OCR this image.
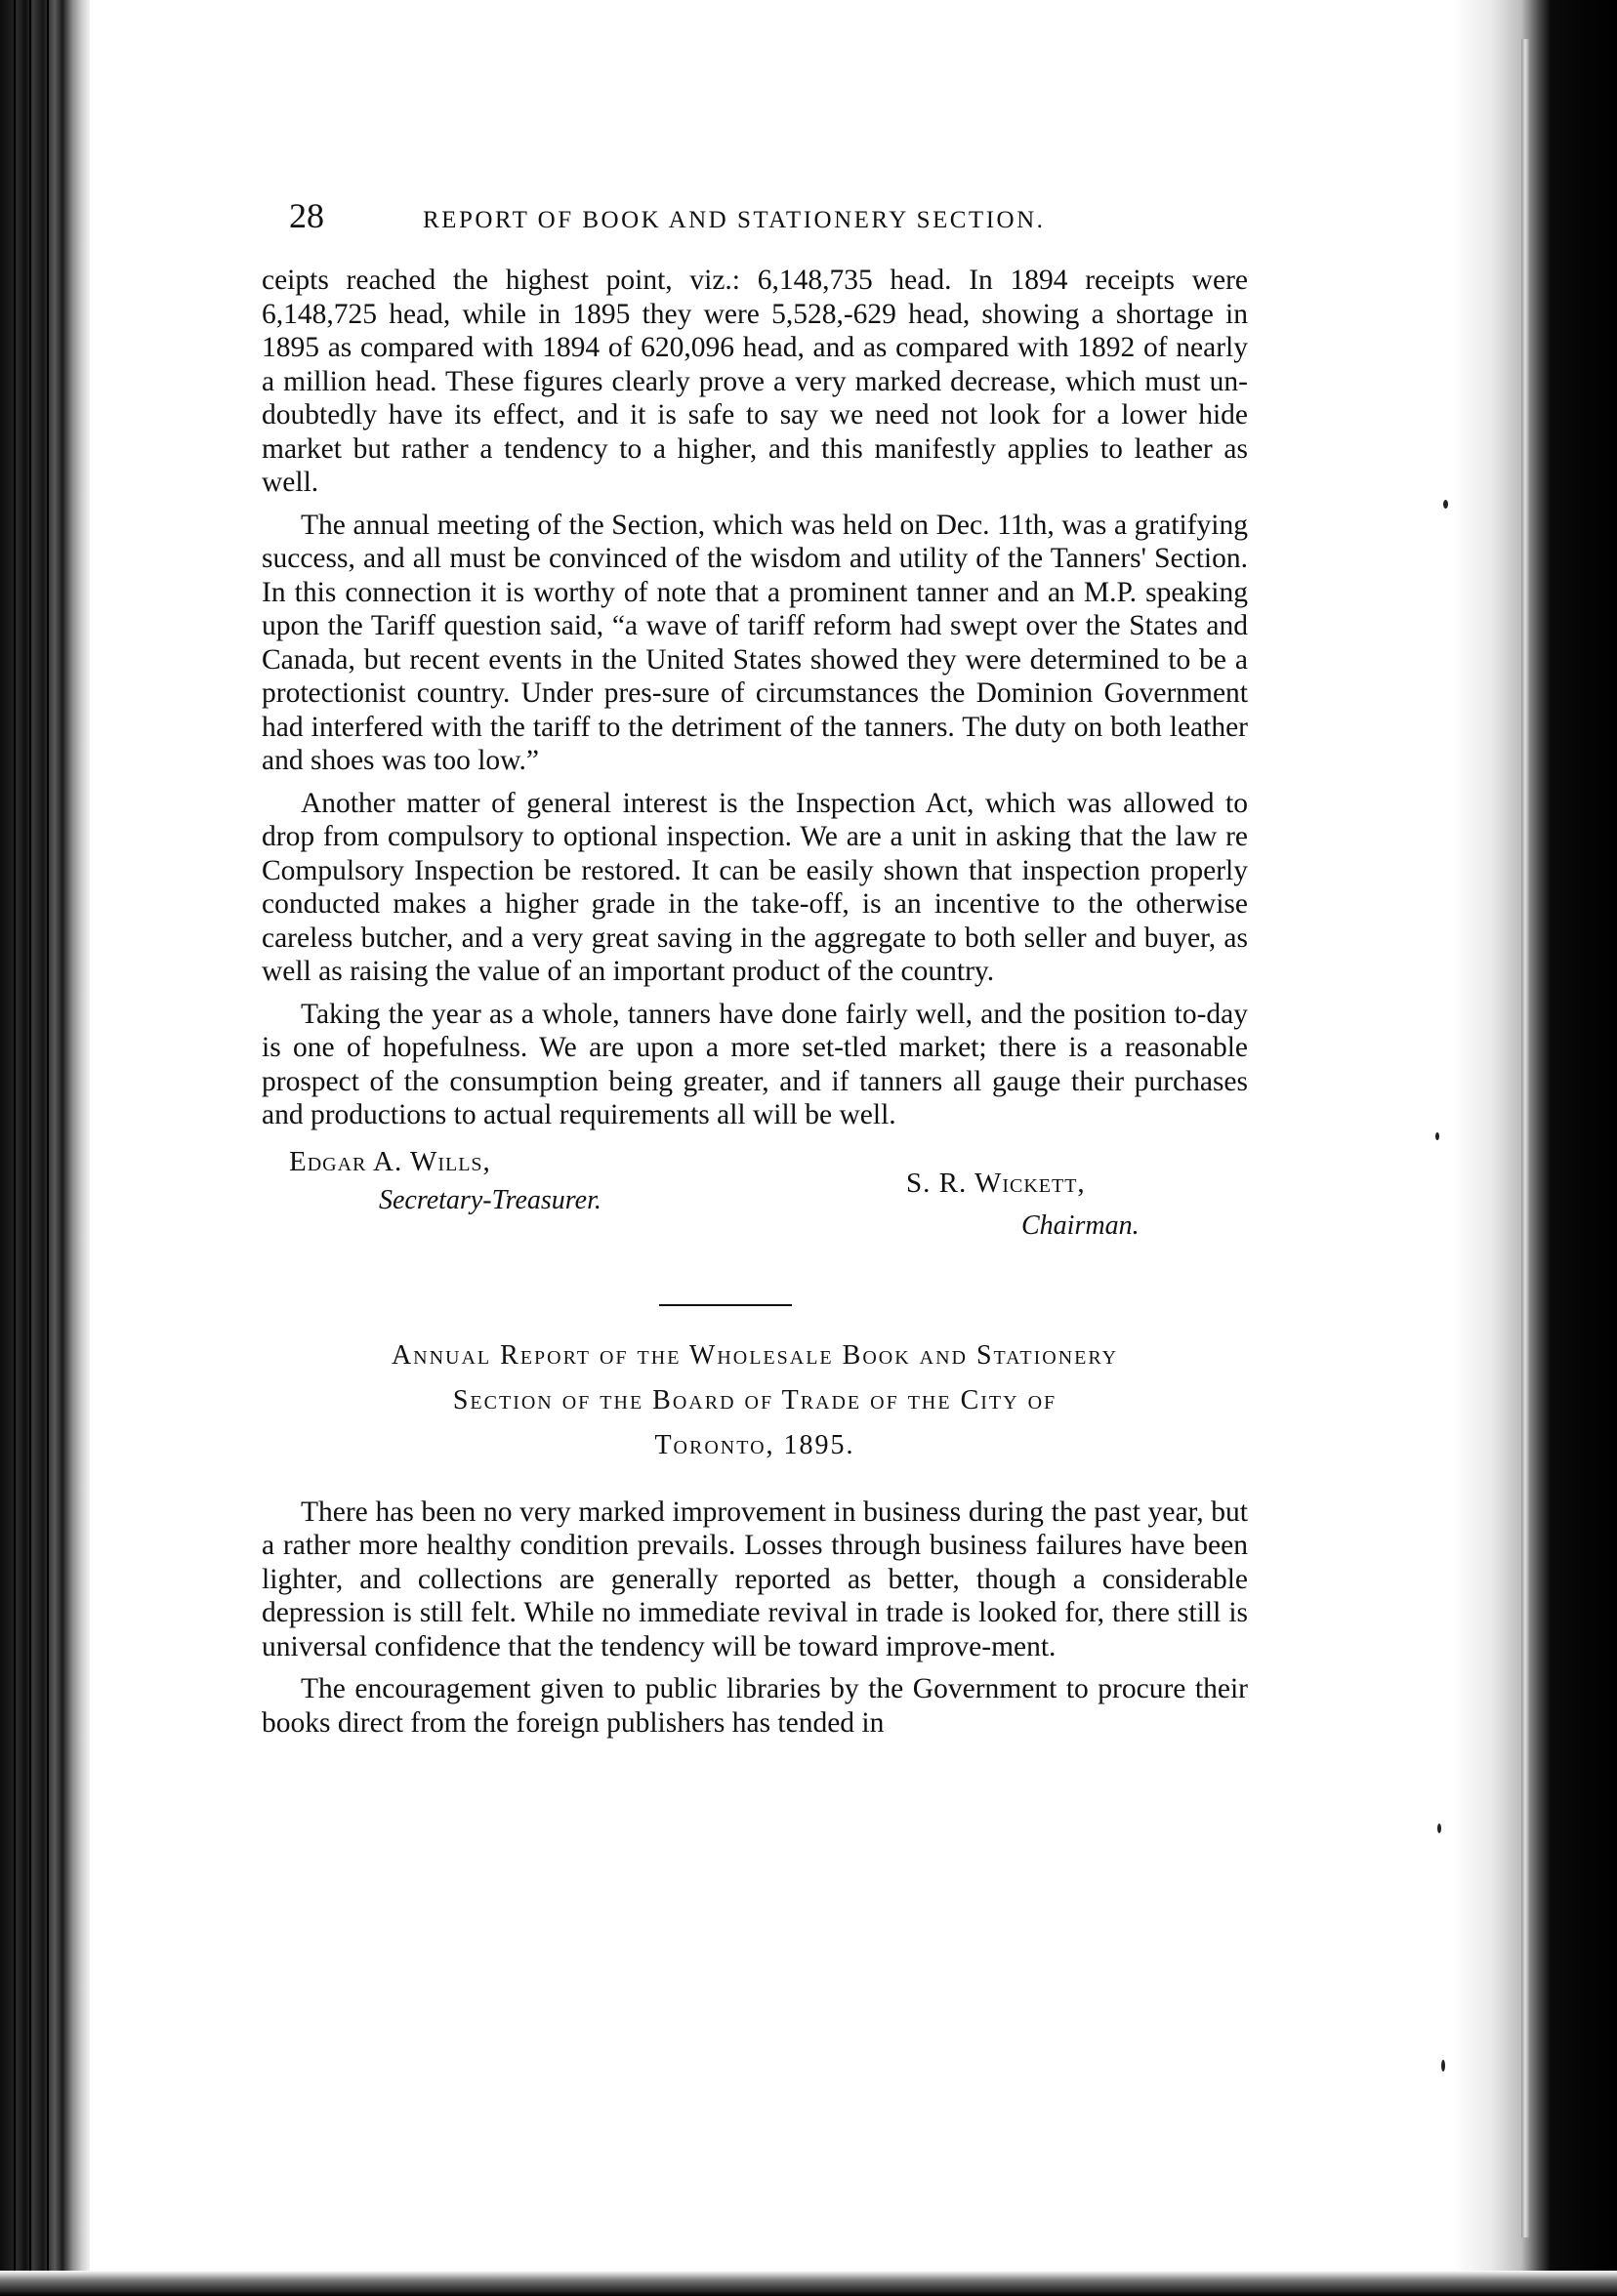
28	REPORT OF BOOK AND STATIONERY SECTION.

ceipts reached the highest point, viz.: 6,148,735 head. In 1894 receipts were 6,148,725 head, while in 1895 they were 5,528,-629 head, showing a shortage in 1895 as compared with 1894 of 620,096 head, and as compared with 1892 of nearly a million head. These figures clearly prove a very marked decrease, which must un-doubtedly have its effect, and it is safe to say we need not look for a lower hide market but rather a tendency to a higher, and this manifestly applies to leather as well.

The annual meeting of the Section, which was held on Dec. 11th, was a gratifying success, and all must be convinced of the wisdom and utility of the Tanners' Section. In this connection it is worthy of note that a prominent tanner and an M.P. speaking upon the Tariff question said, “a wave of tariff reform had swept over the States and Canada, but recent events in the United States showed they were determined to be a protectionist country. Under pres-sure of circumstances the Dominion Government had interfered with the tariff to the detriment of the tanners. The duty on both leather and shoes was too low.”

Another matter of general interest is the Inspection Act, which was allowed to drop from compulsory to optional inspection. We are a unit in asking that the law re Compulsory Inspection be restored. It can be easily shown that inspection properly conducted makes a higher grade in the take-off, is an incentive to the otherwise careless butcher, and a very great saving in the aggregate to both seller and buyer, as well as raising the value of an important product of the country.

Taking the year as a whole, tanners have done fairly well, and the position to-day is one of hopefulness. We are upon a more set-tled market; there is a reasonable prospect of the consumption being greater, and if tanners all gauge their purchases and productions to actual requirements all will be well.

Edgar A. Wills,
Secretary-Treasurer.
S. R. Wickett,
Chairman.
Annual Report of the Wholesale Book and Stationery
Section of the Board of Trade of the City of
Toronto, 1895.

There has been no very marked improvement in business during the past year, but a rather more healthy condition prevails. Losses through business failures have been lighter, and collections are generally reported as better, though a considerable depression is still felt. While no immediate revival in trade is looked for, there still is universal confidence that the tendency will be toward improve-ment.

The encouragement given to public libraries by the Government to procure their books direct from the foreign publishers has tended in
